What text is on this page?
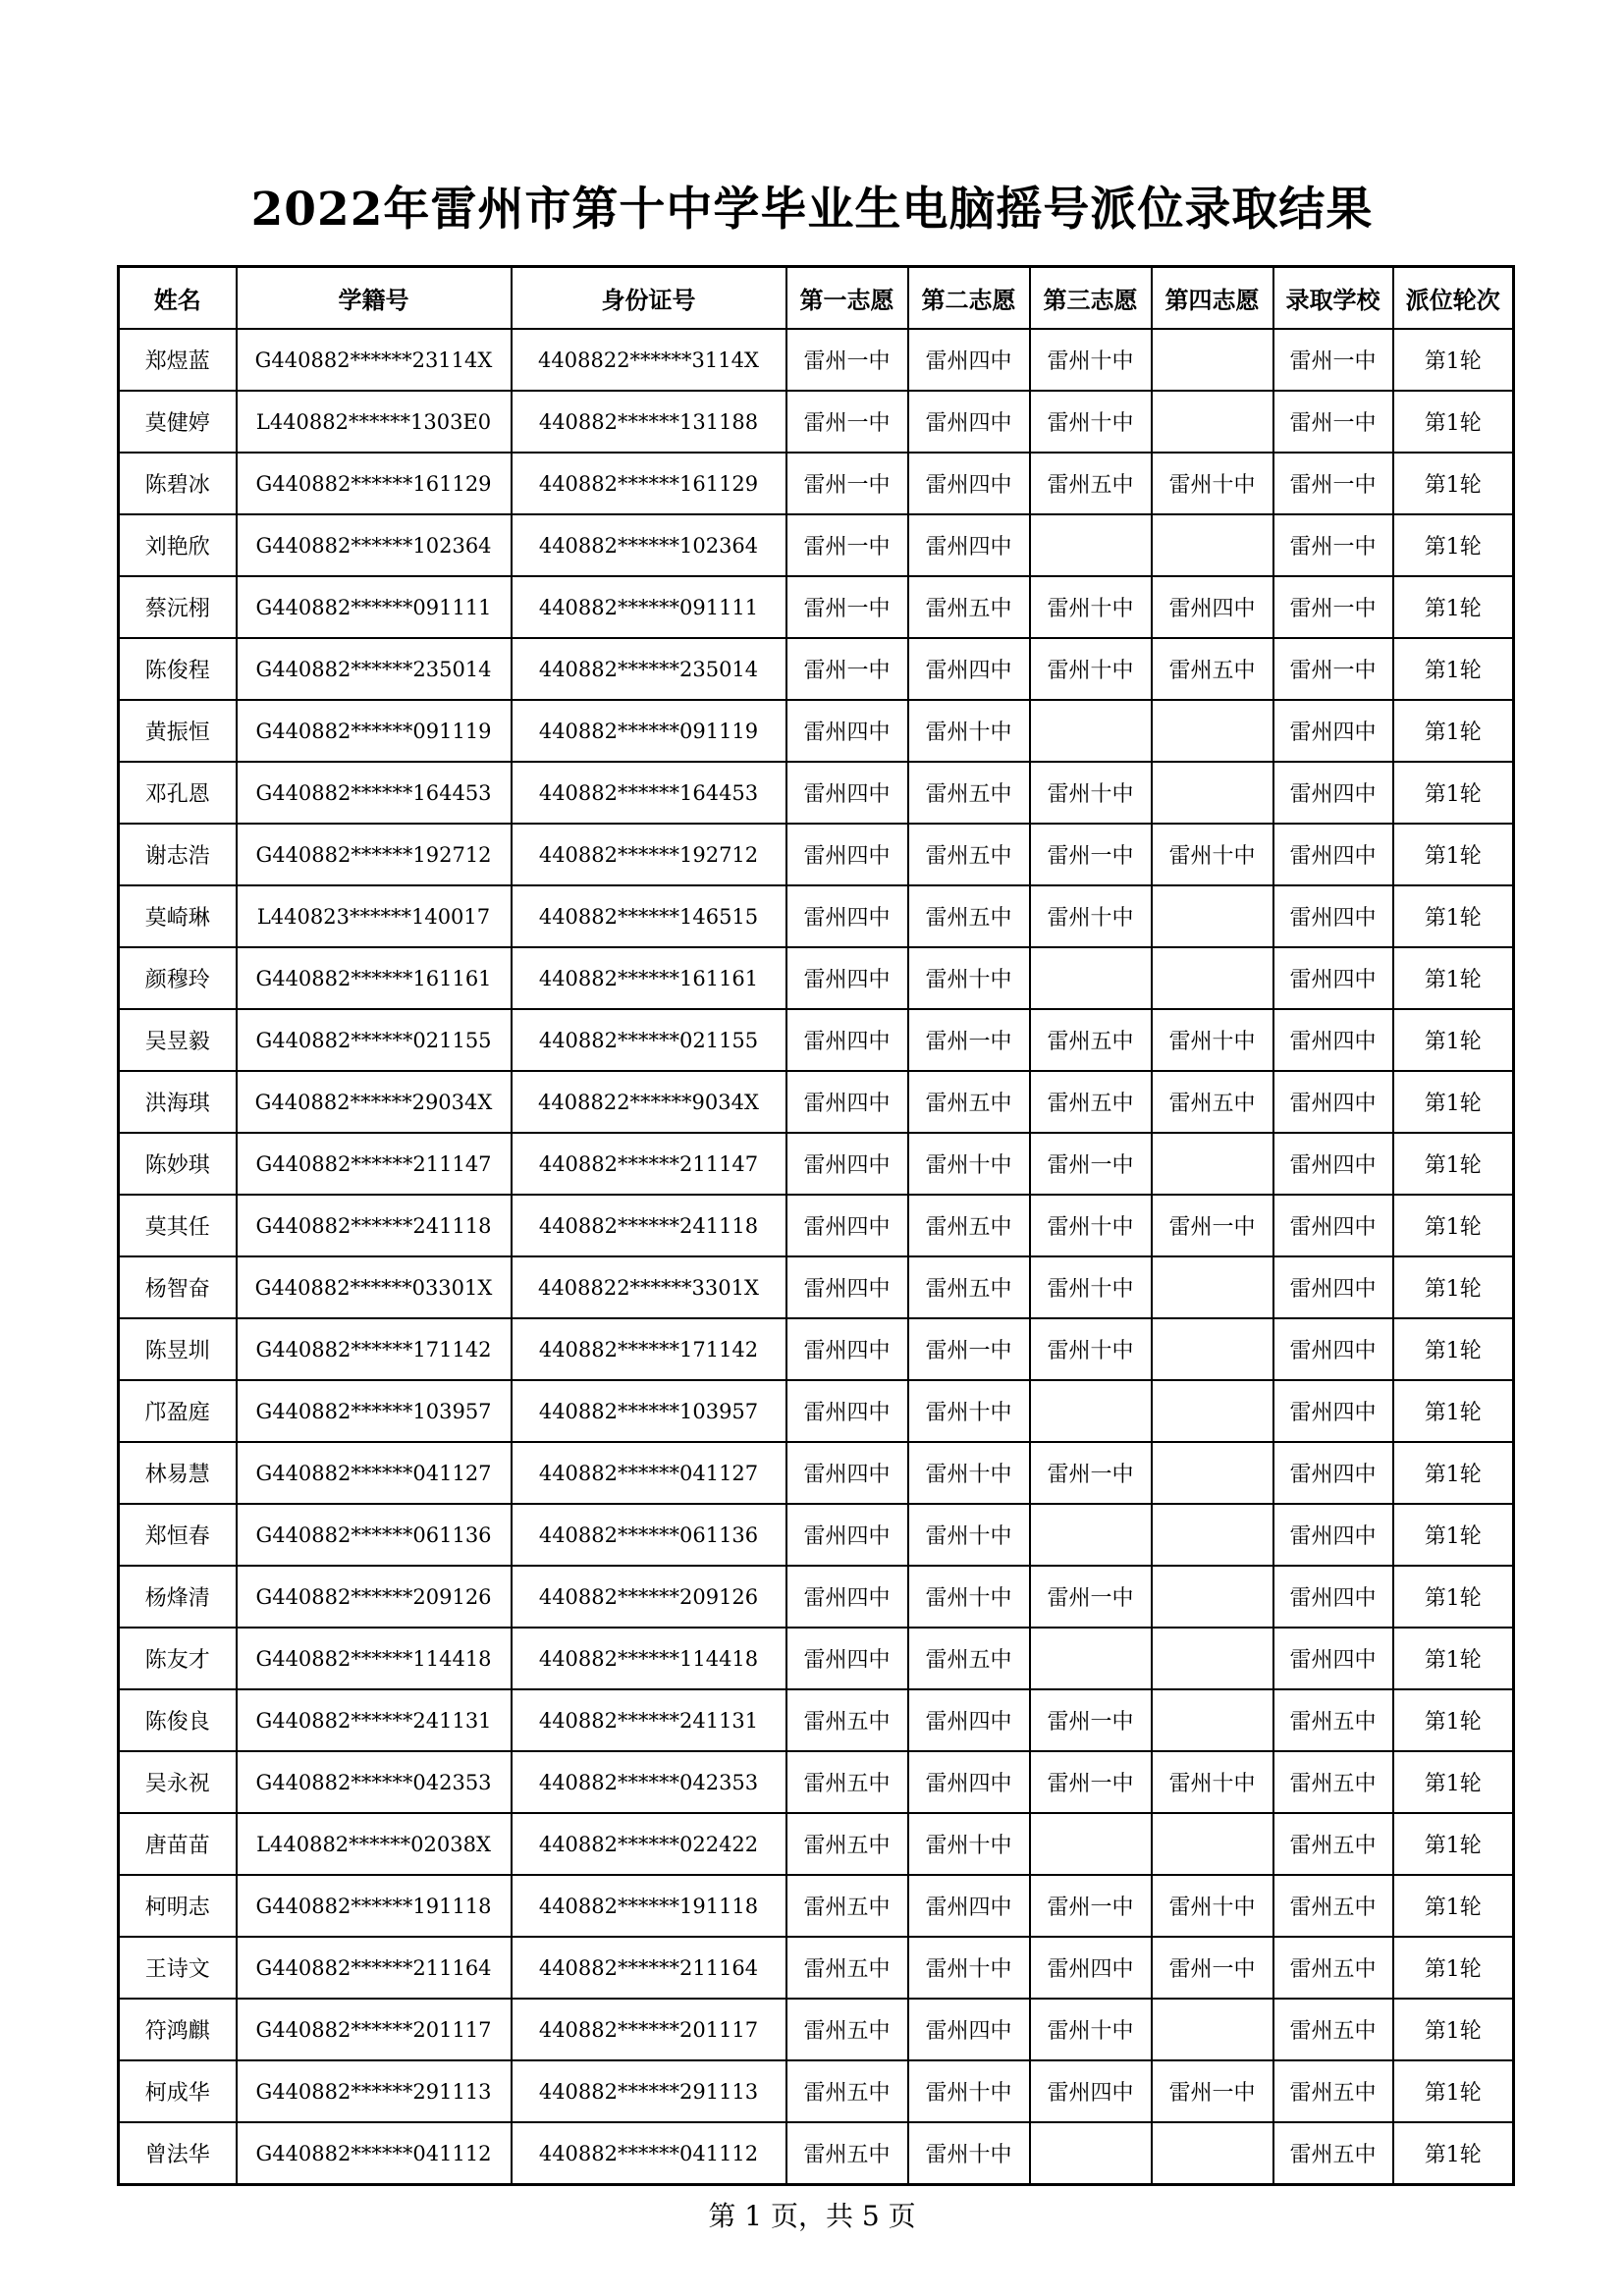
2022年雷州市第十中学毕业生电脑摇号派位录取结果
姓名	学籍号	身份证号	第一志愿	第二志愿	第三志愿	第四志愿	录取学校	派位轮次
郑煜蓝	G440882******23114X	4408822******3114X	雷州一中	雷州四中	雷州十中		雷州一中	第1轮
莫健婷	L440882******1303E0	440882******131188	雷州一中	雷州四中	雷州十中		雷州一中	第1轮
陈碧冰	G440882******161129	440882******161129	雷州一中	雷州四中	雷州五中	雷州十中	雷州一中	第1轮
刘艳欣	G440882******102364	440882******102364	雷州一中	雷州四中			雷州一中	第1轮
蔡沅栩	G440882******091111	440882******091111	雷州一中	雷州五中	雷州十中	雷州四中	雷州一中	第1轮
陈俊程	G440882******235014	440882******235014	雷州一中	雷州四中	雷州十中	雷州五中	雷州一中	第1轮
黄振恒	G440882******091119	440882******091119	雷州四中	雷州十中			雷州四中	第1轮
邓孔恩	G440882******164453	440882******164453	雷州四中	雷州五中	雷州十中		雷州四中	第1轮
谢志浩	G440882******192712	440882******192712	雷州四中	雷州五中	雷州一中	雷州十中	雷州四中	第1轮
莫崎琳	L440823******140017	440882******146515	雷州四中	雷州五中	雷州十中		雷州四中	第1轮
颜穆玲	G440882******161161	440882******161161	雷州四中	雷州十中			雷州四中	第1轮
吴昱毅	G440882******021155	440882******021155	雷州四中	雷州一中	雷州五中	雷州十中	雷州四中	第1轮
洪海琪	G440882******29034X	4408822******9034X	雷州四中	雷州五中	雷州五中	雷州五中	雷州四中	第1轮
陈妙琪	G440882******211147	440882******211147	雷州四中	雷州十中	雷州一中		雷州四中	第1轮
莫其任	G440882******241118	440882******241118	雷州四中	雷州五中	雷州十中	雷州一中	雷州四中	第1轮
杨智奋	G440882******03301X	4408822******3301X	雷州四中	雷州五中	雷州十中		雷州四中	第1轮
陈昱圳	G440882******171142	440882******171142	雷州四中	雷州一中	雷州十中		雷州四中	第1轮
邝盈庭	G440882******103957	440882******103957	雷州四中	雷州十中			雷州四中	第1轮
林易慧	G440882******041127	440882******041127	雷州四中	雷州十中	雷州一中		雷州四中	第1轮
郑恒春	G440882******061136	440882******061136	雷州四中	雷州十中			雷州四中	第1轮
杨烽清	G440882******209126	440882******209126	雷州四中	雷州十中	雷州一中		雷州四中	第1轮
陈友才	G440882******114418	440882******114418	雷州四中	雷州五中			雷州四中	第1轮
陈俊良	G440882******241131	440882******241131	雷州五中	雷州四中	雷州一中		雷州五中	第1轮
吴永祝	G440882******042353	440882******042353	雷州五中	雷州四中	雷州一中	雷州十中	雷州五中	第1轮
唐苗苗	L440882******02038X	440882******022422	雷州五中	雷州十中			雷州五中	第1轮
柯明志	G440882******191118	440882******191118	雷州五中	雷州四中	雷州一中	雷州十中	雷州五中	第1轮
王诗文	G440882******211164	440882******211164	雷州五中	雷州十中	雷州四中	雷州一中	雷州五中	第1轮
符鸿麒	G440882******201117	440882******201117	雷州五中	雷州四中	雷州十中		雷州五中	第1轮
柯成华	G440882******291113	440882******291113	雷州五中	雷州十中	雷州四中	雷州一中	雷州五中	第1轮
曾法华	G440882******041112	440882******041112	雷州五中	雷州十中			雷州五中	第1轮
第 1 页，共 5 页
